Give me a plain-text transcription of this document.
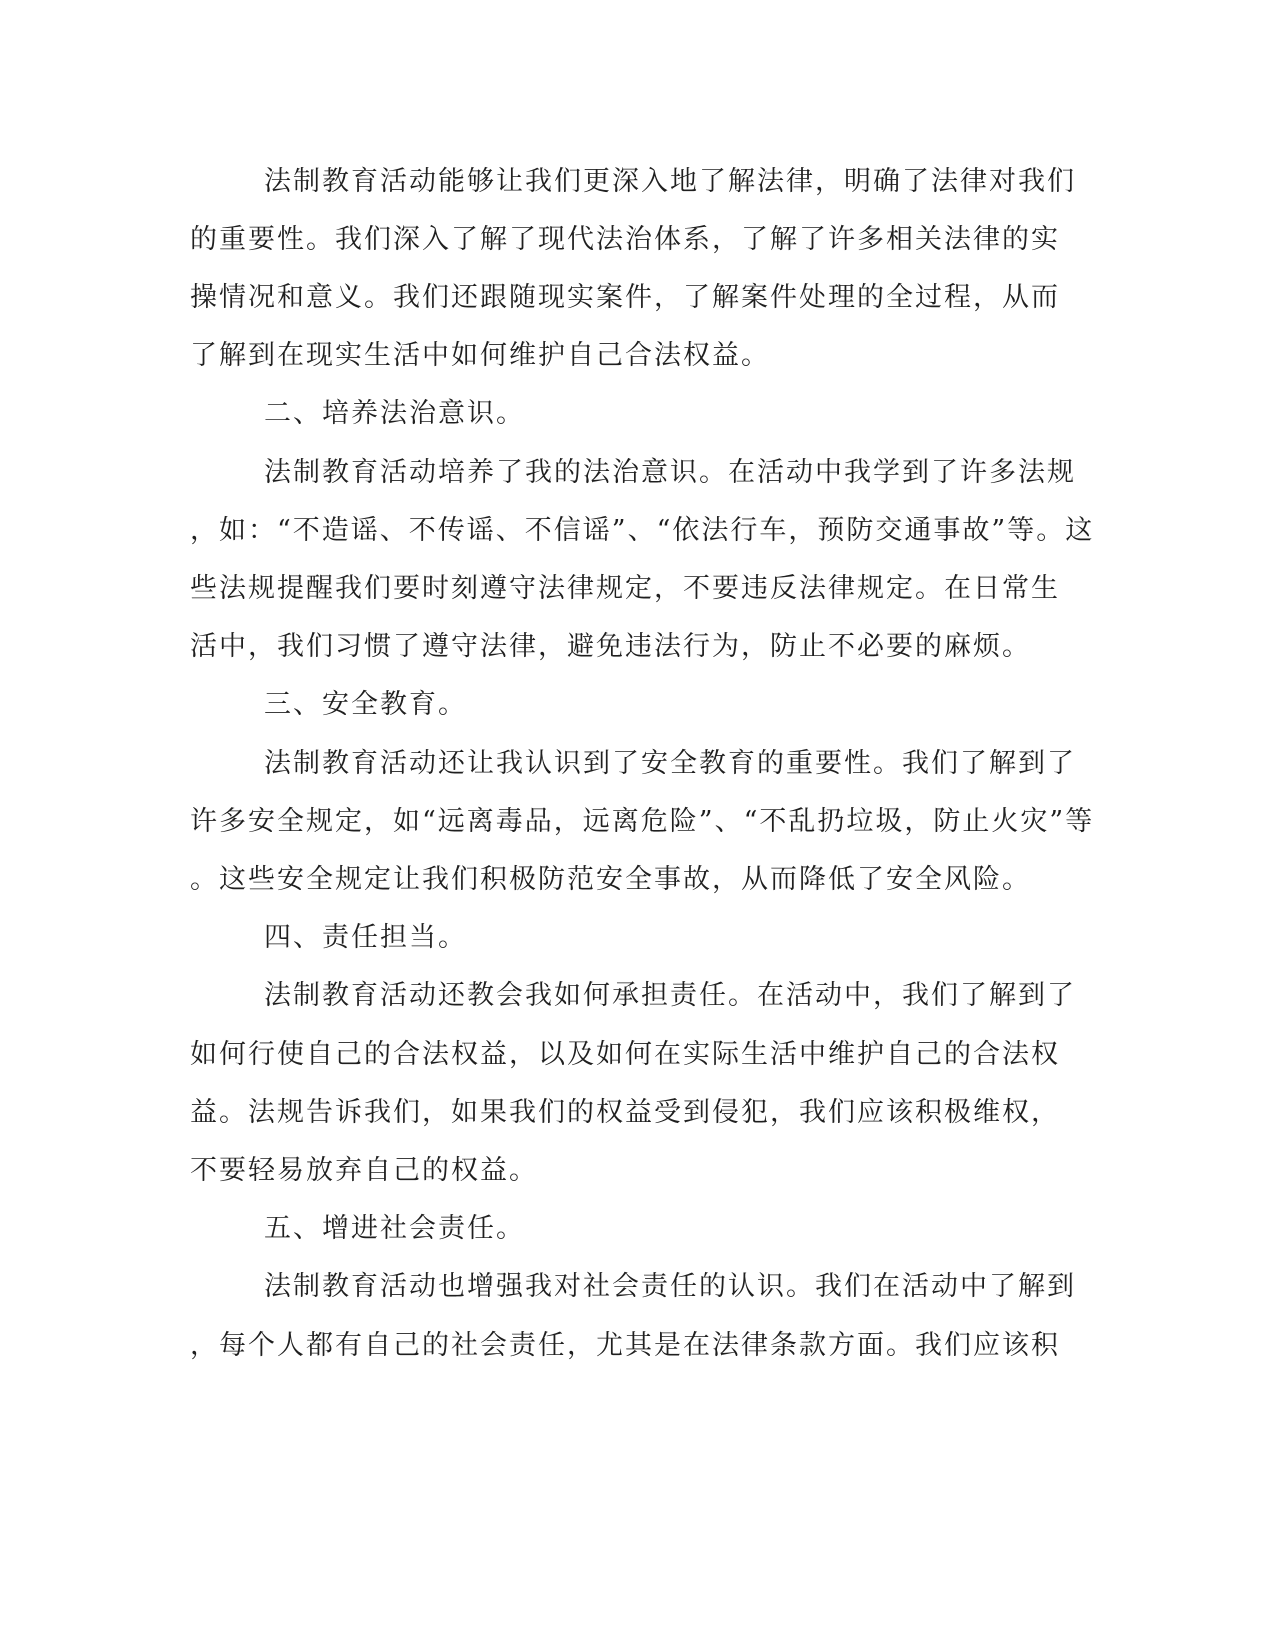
法制教育活动能够让我们更深入地了解法律，明确了法律对我们
的重要性。我们深入了解了现代法治体系，了解了许多相关法律的实
操情况和意义。我们还跟随现实案件，了解案件处理的全过程，从而
了解到在现实生活中如何维护自己合法权益。
二、培养法治意识。
法制教育活动培养了我的法治意识。在活动中我学到了许多法规
，如：“不造谣、不传谣、不信谣”、“依法行车，预防交通事故”等。这
些法规提醒我们要时刻遵守法律规定，不要违反法律规定。在日常生
活中，我们习惯了遵守法律，避免违法行为，防止不必要的麻烦。
三、安全教育。
法制教育活动还让我认识到了安全教育的重要性。我们了解到了
许多安全规定，如“远离毒品，远离危险”、“不乱扔垃圾，防止火灾”等
。这些安全规定让我们积极防范安全事故，从而降低了安全风险。
四、责任担当。
法制教育活动还教会我如何承担责任。在活动中，我们了解到了
如何行使自己的合法权益，以及如何在实际生活中维护自己的合法权
益。法规告诉我们，如果我们的权益受到侵犯，我们应该积极维权，
不要轻易放弃自己的权益。
五、增进社会责任。
法制教育活动也增强我对社会责任的认识。我们在活动中了解到
，每个人都有自己的社会责任，尤其是在法律条款方面。我们应该积
